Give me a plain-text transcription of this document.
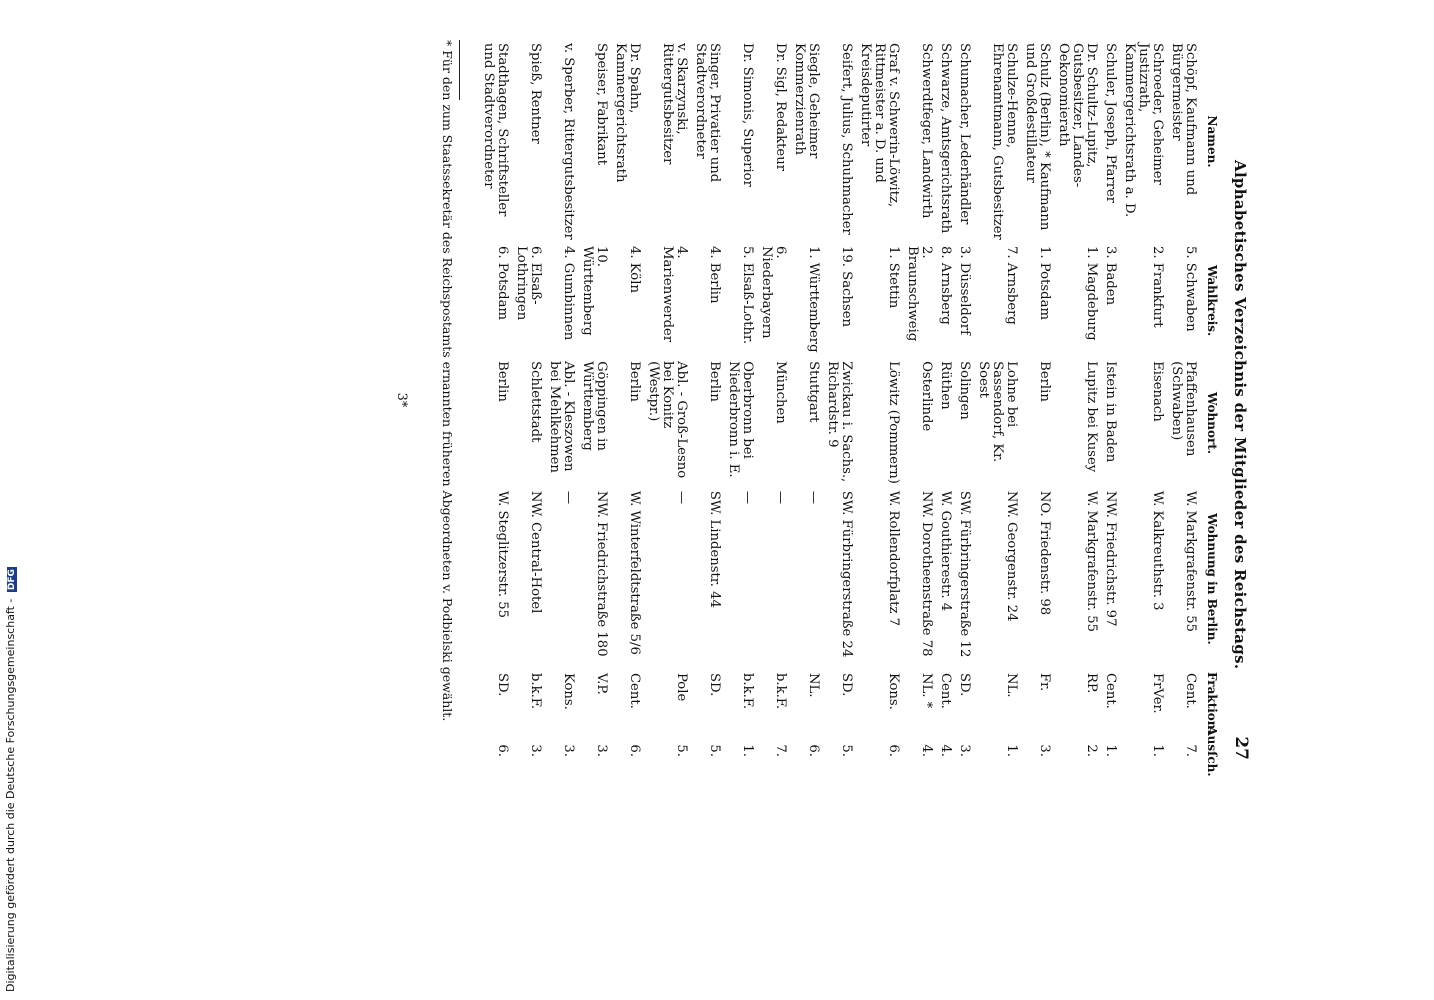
Alphabetisches Verzeichnis der Mitglieder des Reichstags.
27
Namen.	Wahlkreis.	Wohnort.	Wohnung in Berlin.	Fraktion.	Ausſch.
Schöpf, Kaufmann und Bürgermeister	5. Schwaben	Pfaffenhausen (Schwaben)	W. Markgrafenstr. 55	Cent.	7.
Schroeder, Geheimer Justizrath, Kammergerichtsrath a. D.	2. Frankfurt	Eisenach	W. Kalkreuthstr. 3	FrVer.	1.
Schuler, Joseph, Pfarrer	3. Baden	Istein in Baden	NW. Friedrichstr. 97	Cent.	1.
Dr. Schultz-Lupitz, Gutsbesitzer, Landes-Oekonomierath	1. Magdeburg	Lupitz bei Kusey	W. Markgrafenstr. 55	RP.	2.
Schulz (Berlin), * Kaufmann und Großdestillateur	1. Potsdam	Berlin	NO. Friedenstr. 98	Fr.	3.
Schulze-Henne, Ehrenamtmann, Gutsbesitzer	7. Arnsberg	Lohne bei Sassendorf, Kr. Soest	NW. Georgenstr. 24	NL.	1.
Schumacher, Lederhändler	3. Düsseldorf	Solingen	SW. Fürbringerstraße 12	SD.	3.
Schwarze, Amtsgerichtsrath	8. Arnsberg	Rüthen	W. Gouthierestr. 4	Cent.	4.
Schwerdtfeger, Landwirth	2. Braunschweig	Osterlinde	NW. Dorotheenstraße 78	NL. *	4.
Graf v. Schwerin-Löwitz, Rittmeister a. D. und Kreisdeputirter	1. Stettin	Löwitz (Pommern)	W. Rollendorfplatz 7	Kons.	6.
Seifert, Julius, Schuhmacher	19. Sachsen	Zwickau i. Sachs., Richardstr. 9	SW. Fürbringerstraße 24	SD.	5.
Siegle, Geheimer Kommerzienrath	1. Württemberg	Stuttgart	—	NL.	6.
Dr. Sigl, Redakteur	6. Niederbayern	München	—	b.k.F.	7.
Dr. Simonis, Superior	5. Elsaß-Lothr.	Oberbronn bei Niederbronn i. E.	—	b.k.F.	1.
Singer, Privatier und Stadtverordneter	4. Berlin	Berlin	SW. Lindenstr. 44	SD.	5.
v. Skarzynski, Rittergutsbesitzer	4. Marienwerder	Abl. - Groß-Lesno bei Konitz (Westpr.)	—	Pole	5.
Dr. Spahn, Kammergerichtsrath	4. Köln	Berlin	W. Winterfeldtstraße 5/6	Cent.	6.
Speiser, Fabrikant	10. Württemberg	Göppingen in Württemberg	NW. Friedrichstraße 180	V.P.	3.
v. Sperber, Rittergutsbesitzer	4. Gumbinnen	Abl. - Kleszowen bei Mehlkehmen	—	Kons.	3.
Spieß, Rentner	6. Elsaß-Lothringen	Schlettstadt	NW. Central-Hotel	b.k.F.	3.
Stadthagen, Schriftsteller und Stadtverordneter	6. Potsdam	Berlin	W. Steglitzerstr. 55	SD.	6.
* Für den zum Staatssekretär des Reichspostamts ernannten früheren Abgeordneten v. Podbielski gewählt.
3*
Digitalisierung gefördert durch die Deutsche Forschungsgemeinschaft - DFG
